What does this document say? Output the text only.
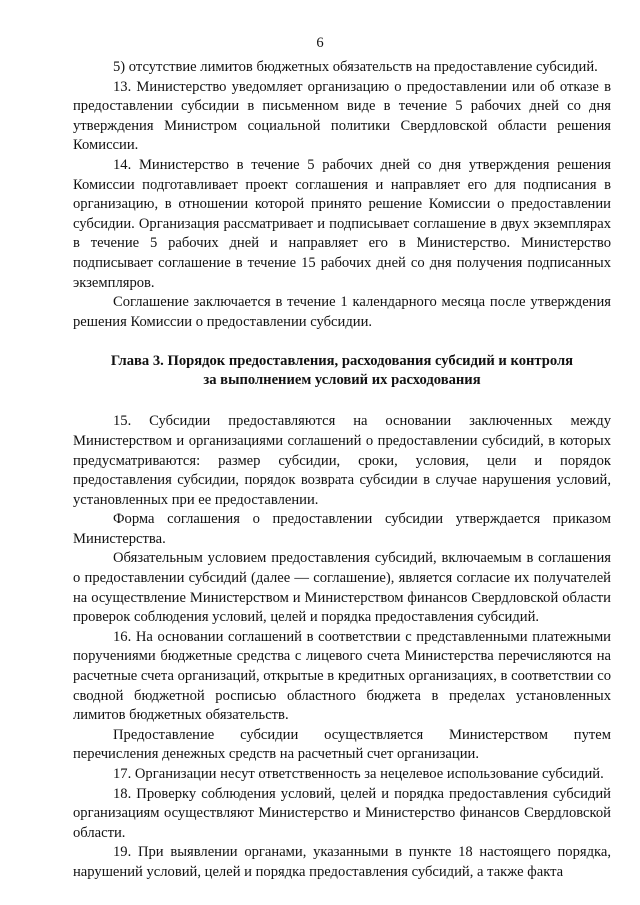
6

5) отсутствие лимитов бюджетных обязательств на предоставление субсидий.

13. Министерство уведомляет организацию о предоставлении или об отказе в предоставлении субсидии в письменном виде в течение 5 рабочих дней со дня утверждения Министром социальной политики Свердловской области решения Комиссии.

14. Министерство в течение 5 рабочих дней со дня утверждения решения Комиссии подготавливает проект соглашения и направляет его для подписания в организацию, в отношении которой принято решение Комиссии о предоставлении субсидии. Организация рассматривает и подписывает соглашение в двух экземплярах в течение 5 рабочих дней и направляет его в Министерство. Министерство подписывает соглашение в течение 15 рабочих дней со дня получения подписанных экземпляров.

Соглашение заключается в течение 1 календарного месяца после утверждения решения Комиссии о предоставлении субсидии.

Глава 3. Порядок предоставления, расходования субсидий и контроля
за выполнением условий их расходования

15. Субсидии предоставляются на основании заключенных между Министерством и организациями соглашений о предоставлении субсидий, в которых предусматриваются: размер субсидии, сроки, условия, цели и порядок предоставления субсидии, порядок возврата субсидии в случае нарушения условий, установленных при ее предоставлении.

Форма соглашения о предоставлении субсидии утверждается приказом Министерства.

Обязательным условием предоставления субсидий, включаемым в соглашения о предоставлении субсидий (далее — соглашение), является согласие их получателей на осуществление Министерством и Министерством финансов Свердловской области проверок соблюдения условий, целей и порядка предоставления субсидий.

16. На основании соглашений в соответствии с представленными платежными поручениями бюджетные средства с лицевого счета Министерства перечисляются на расчетные счета организаций, открытые в кредитных организациях, в соответствии со сводной бюджетной росписью областного бюджета в пределах установленных лимитов бюджетных обязательств.

Предоставление субсидии осуществляется Министерством путем перечисления денежных средств на расчетный счет организации.

17. Организации несут ответственность за нецелевое использование субсидий.

18. Проверку соблюдения условий, целей и порядка предоставления субсидий организациям осуществляют Министерство и Министерство финансов Свердловской области.

19. При выявлении органами, указанными в пункте 18 настоящего порядка, нарушений условий, целей и порядка предоставления субсидий, а также факта
